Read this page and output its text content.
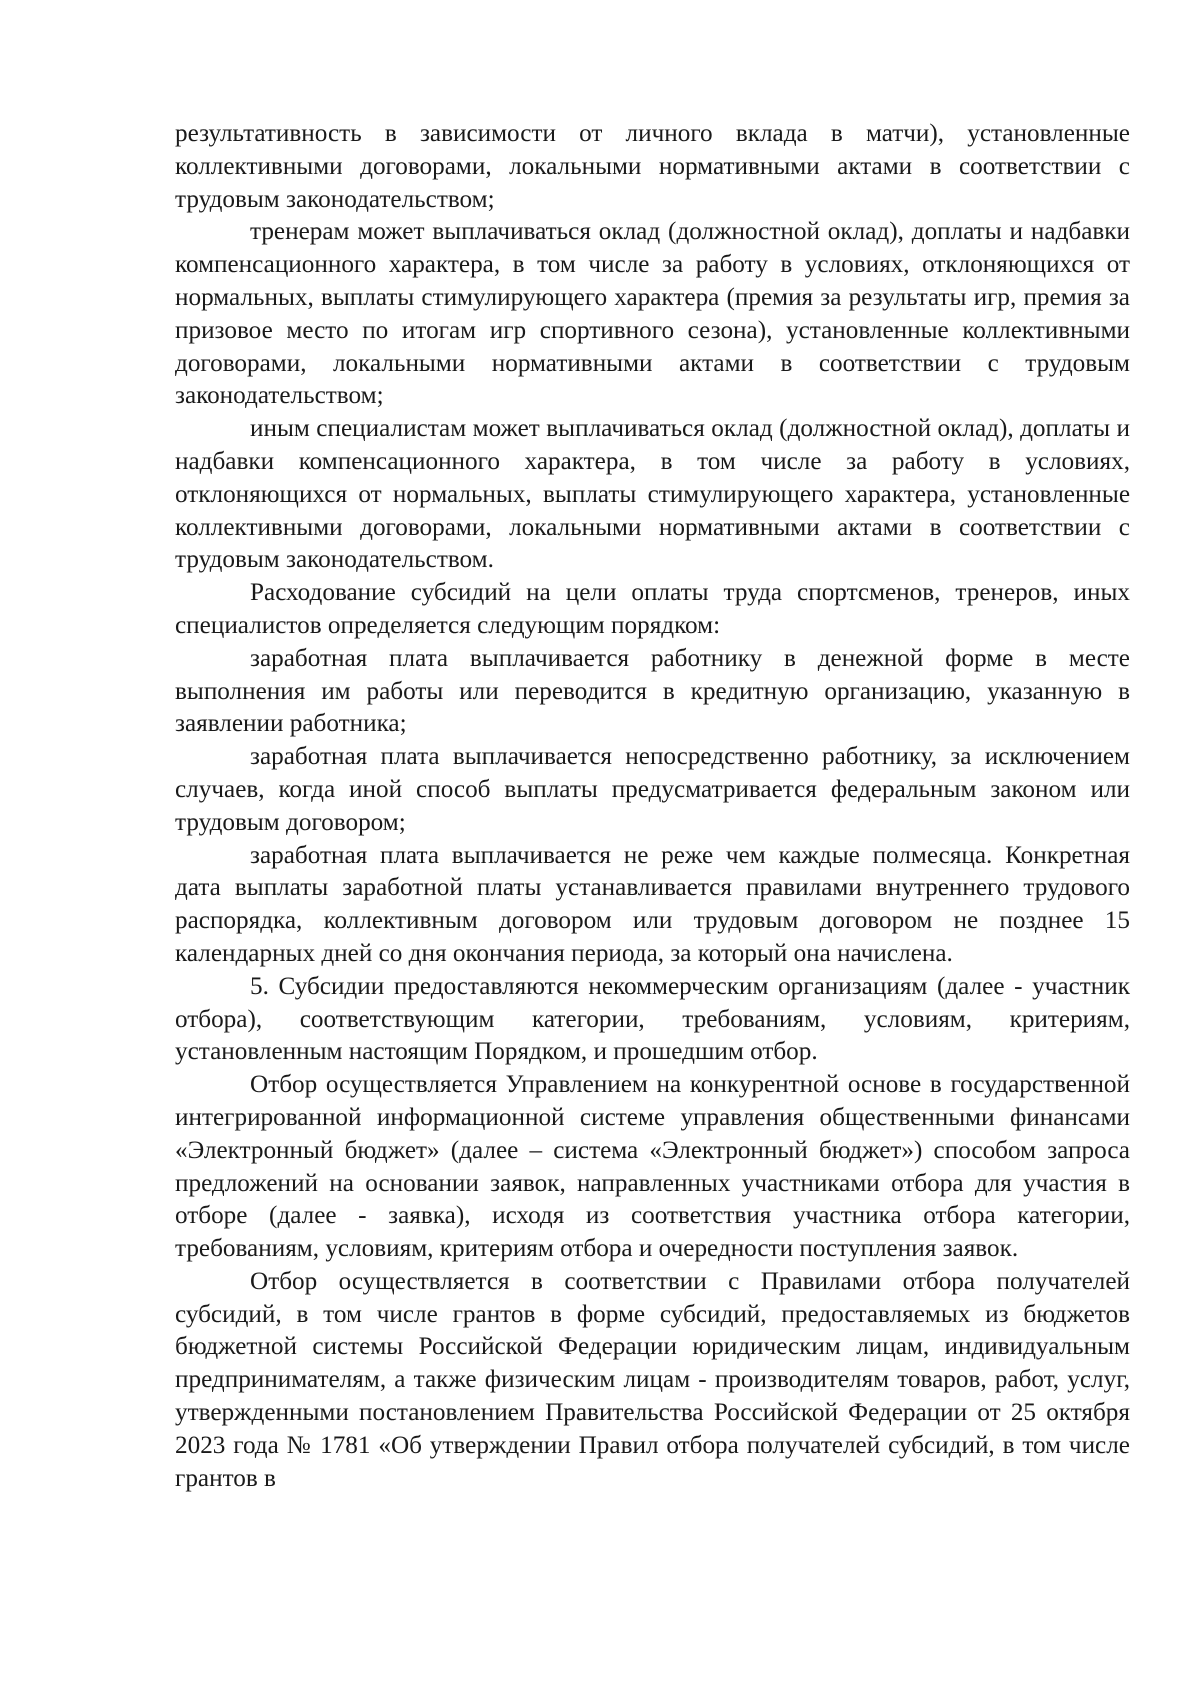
результативность в зависимости от личного вклада в матчи), установленные коллективными договорами, локальными нормативными актами в соответствии с трудовым законодательством;

тренерам может выплачиваться оклад (должностной оклад), доплаты и надбавки компенсационного характера, в том числе за работу в условиях, отклоняющихся от нормальных, выплаты стимулирующего характера (премия за результаты игр, премия за призовое место по итогам игр спортивного сезона), установленные коллективными договорами, локальными нормативными актами в соответствии с трудовым законодательством;

иным специалистам может выплачиваться оклад (должностной оклад), доплаты и надбавки компенсационного характера, в том числе за работу в условиях, отклоняющихся от нормальных, выплаты стимулирующего характера, установленные коллективными договорами, локальными нормативными актами в соответствии с трудовым законодательством.

Расходование субсидий на цели оплаты труда спортсменов, тренеров, иных специалистов определяется следующим порядком:

заработная плата выплачивается работнику в денежной форме в месте выполнения им работы или переводится в кредитную организацию, указанную в заявлении работника;

заработная плата выплачивается непосредственно работнику, за исключением случаев, когда иной способ выплаты предусматривается федеральным законом или трудовым договором;

заработная плата выплачивается не реже чем каждые полмесяца. Конкретная дата выплаты заработной платы устанавливается правилами внутреннего трудового распорядка, коллективным договором или трудовым договором не позднее 15 календарных дней со дня окончания периода, за который она начислена.

5. Субсидии предоставляются некоммерческим организациям (далее - участник отбора), соответствующим категории, требованиям, условиям, критериям, установленным настоящим Порядком, и прошедшим отбор.

Отбор осуществляется Управлением на конкурентной основе в государственной интегрированной информационной системе управления общественными финансами «Электронный бюджет» (далее – система «Электронный бюджет») способом запроса предложений на основании заявок, направленных участниками отбора для участия в отборе (далее - заявка), исходя из соответствия участника отбора категории, требованиям, условиям, критериям отбора и очередности поступления заявок.

Отбор осуществляется в соответствии с Правилами отбора получателей субсидий, в том числе грантов в форме субсидий, предоставляемых из бюджетов бюджетной системы Российской Федерации юридическим лицам, индивидуальным предпринимателям, а также физическим лицам - производителям товаров, работ, услуг, утвержденными постановлением Правительства Российской Федерации от 25 октября 2023 года № 1781 «Об утверждении Правил отбора получателей субсидий, в том числе грантов в
